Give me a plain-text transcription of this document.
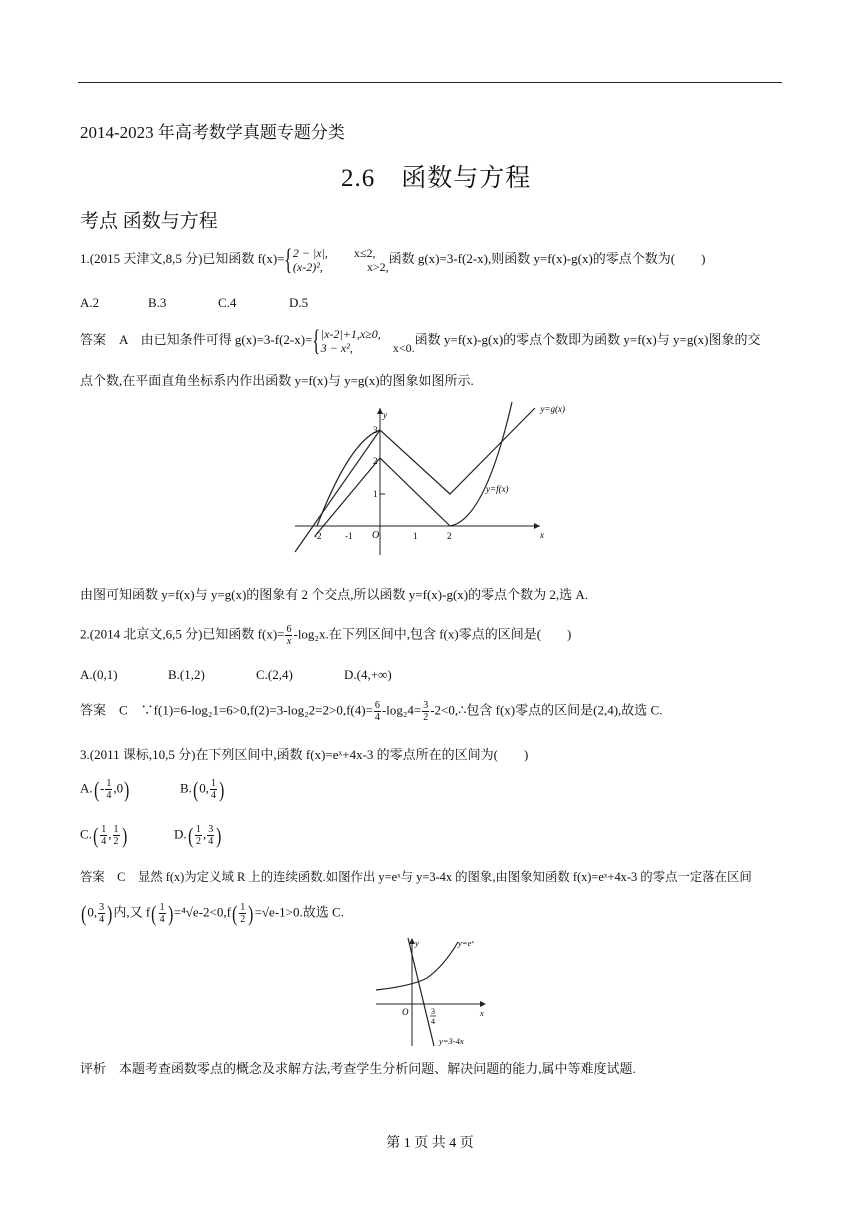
2014-2023 年高考数学真题专题分类
2.6　函数与方程
考点 函数与方程
1.(2015 天津文,8,5 分)已知函数 f(x)={ 2 − |x|, x≤2,
(x-2)²,	x>2,
函数 g(x)=3-f(2-x),则函数 y=f(x)-g(x)的零点个数为(　　)
A.2	B.3	C.4	D.5
答案　A　由已知条件可得 g(x)=3-f(2-x)={ |x-2|+1,x≥0,
3 − x²,	x<0.
函数 y=f(x)-g(x)的零点个数即为函数 y=f(x)与 y=g(x)图象的交
点个数,在平面直角坐标系内作出函数 y=f(x)与 y=g(x)的图象如图所示.
y=g(x)
y=f(x)
x
y
O
-2	-1	1	2
1
2
3
由图可知函数 y=f(x)与 y=g(x)的图象有 2 个交点,所以函数 y=f(x)-g(x)的零点个数为 2,选 A.
2.(2014 北京文,6,5 分)已知函数 $f(x)= \frac{6}{x} -\log_2x$.在下列区间中,包含 f(x)零点的区间是(　　)
A.(0,1)	B.(1,2)	C.(2,4)	D.(4,+∞)
答案　C　∵f(1)=6-log₂1=6>0,f(2)=3-log₂2=2>0,f(4)= $\frac{6}{4} -\log_24= \frac{3}{2}$ -2<0,∴包含 f(x)零点的区间是(2,4),故选 C.
3.(2011 课标,10,5 分)在下列区间中,函数 f(x)=eˣ+4x-3 的零点所在的区间为(　　)
$A.(- \frac{1}{4} ,0)$	B.(0, $\frac{1}{4}$ )
$C.( \frac{1}{4}$ , $\frac{1}{2}$ )	$D.( \frac{1}{2}$ , $\frac{3}{4}$ )
答案　C　显然 f(x)为定义域 R 上的连续函数.如图作出 y=eˣ与 y=3-4x 的图象,由图象知函数 f(x)=eˣ+4x-3 的零点一定落在区间
(0, $\frac{3}{4}$ )内,又 $f( \frac{1}{4} )=^4√e-2<0,f( \frac{1}{2} )=√e-1>0$.故选 C.
y=eˣ
y=3-4x
x
y
O	3
4
评析　本题考查函数零点的概念及求解方法,考查学生分析问题、解决问题的能力,属中等难度试题.
第 1 页 共 4 页
